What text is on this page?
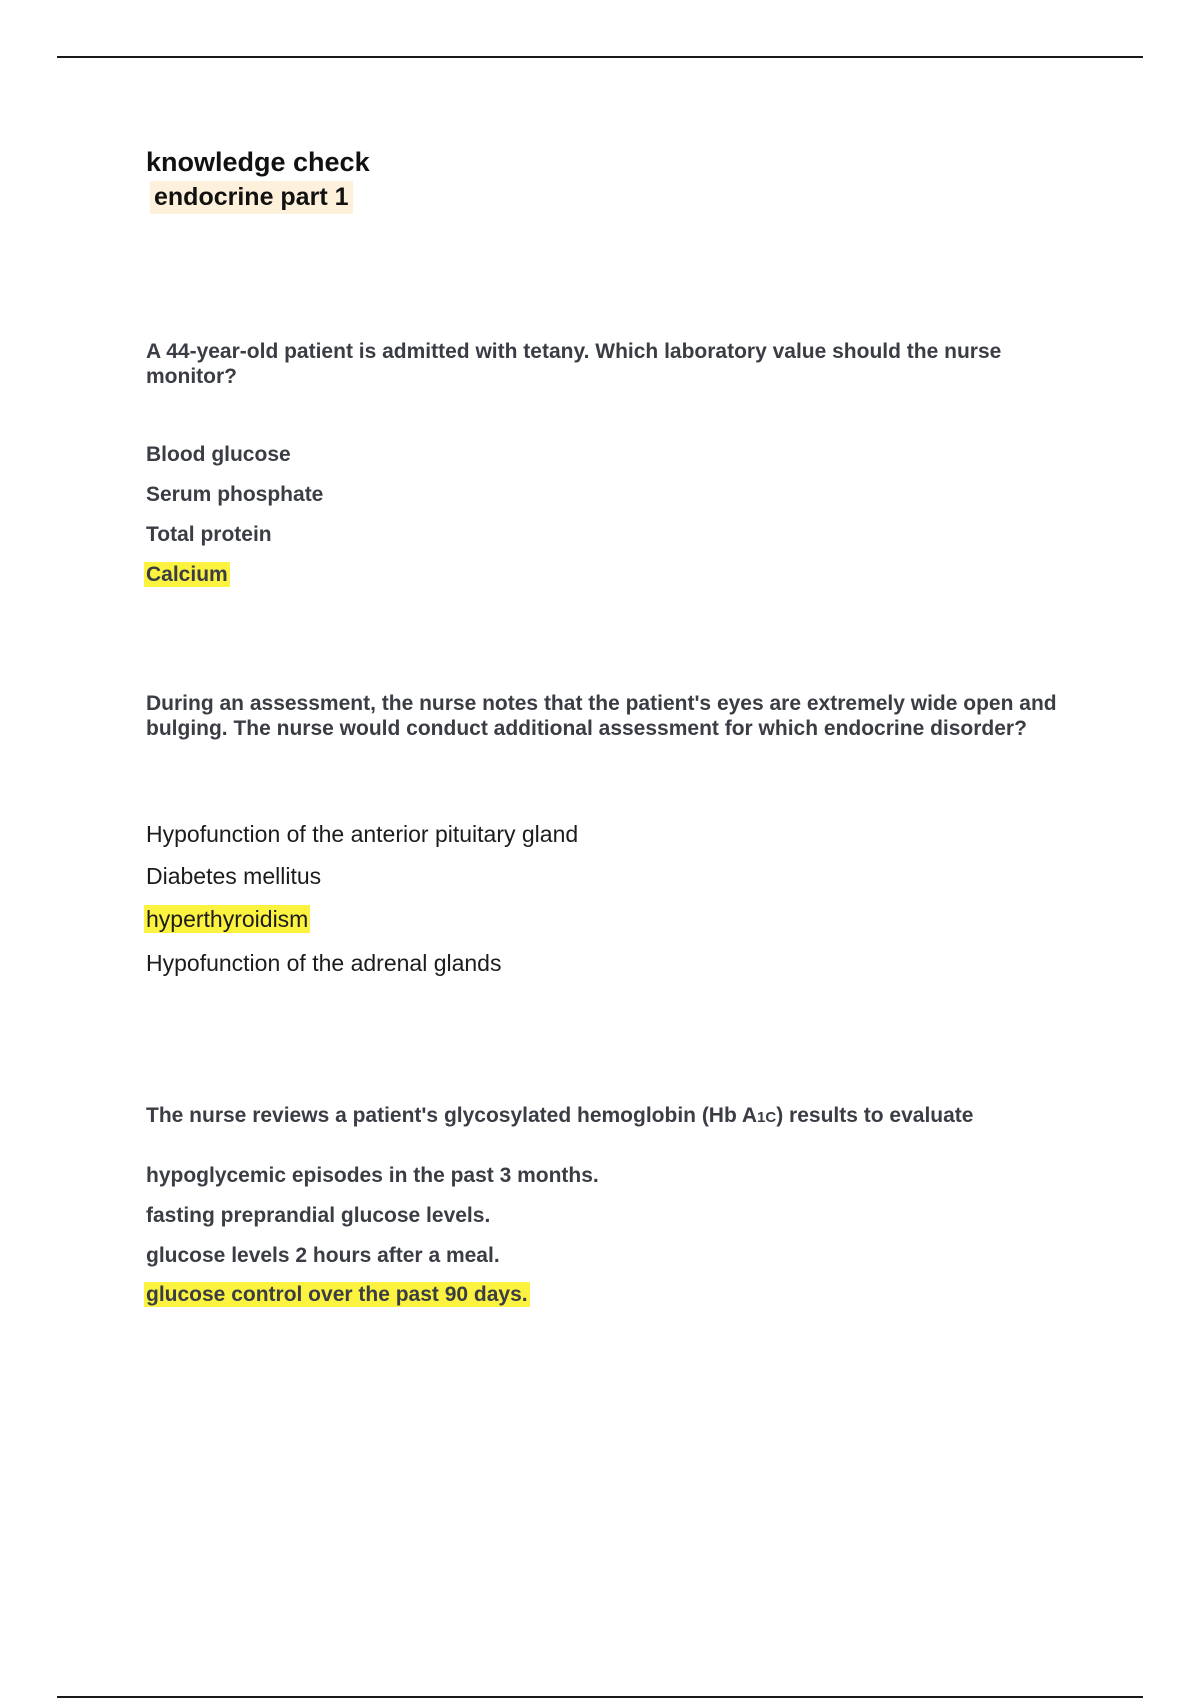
knowledge check
endocrine part 1
A 44-year-old patient is admitted with tetany. Which laboratory value should the nurse monitor?
Blood glucose
Serum phosphate
Total protein
Calcium
During an assessment, the nurse notes that the patient's eyes are extremely wide open and bulging. The nurse would conduct additional assessment for which endocrine disorder?
Hypofunction of the anterior pituitary gland
Diabetes mellitus
hyperthyroidism
Hypofunction of the adrenal glands
The nurse reviews a patient's glycosylated hemoglobin (Hb A1C) results to evaluate
hypoglycemic episodes in the past 3 months.
fasting preprandial glucose levels.
glucose levels 2 hours after a meal.
glucose control over the past 90 days.
